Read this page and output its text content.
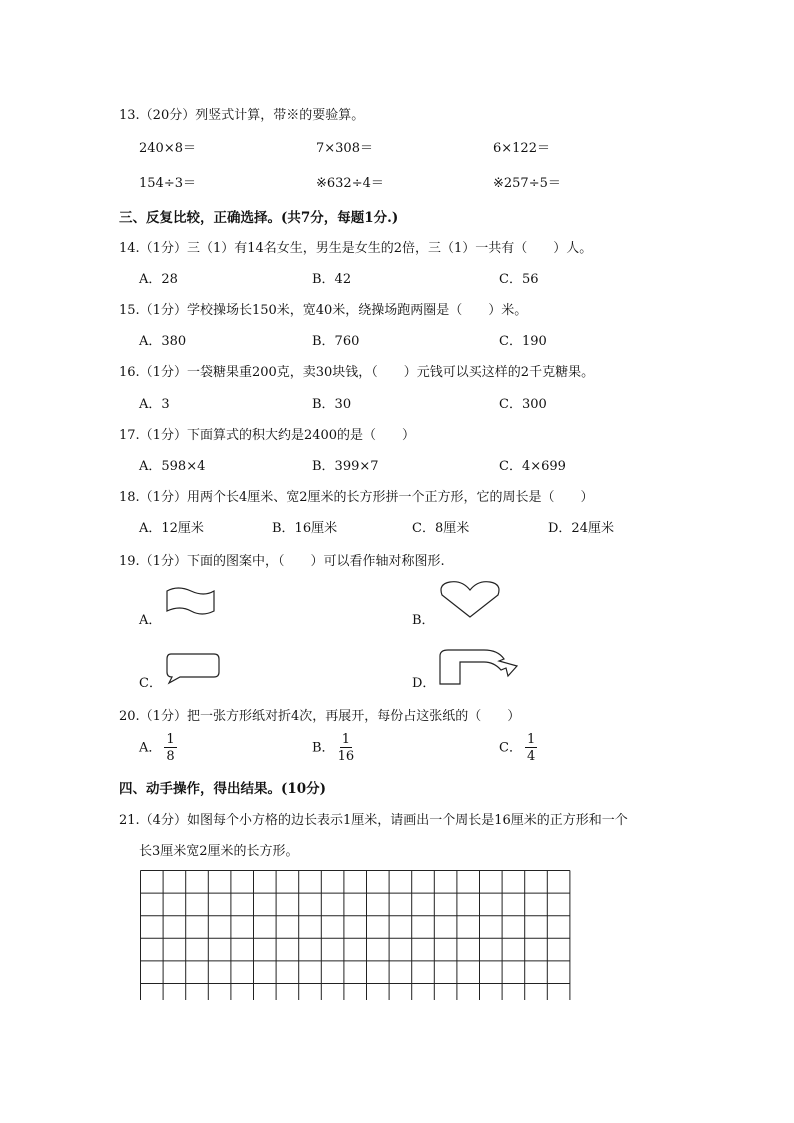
13.（20分）列竖式计算，带※的要验算。
240×8＝	7×308＝	6×122＝
154÷3＝	※632÷4＝	※257÷5＝
三、反复比较，正确选择。(共7分，每题1分.)
14.（1分）三（1）有14名女生，男生是女生的2倍，三（1）一共有（　　）人。
A．28	B．42	C．56
15.（1分）学校操场长150米，宽40米，绕操场跑两圈是（　　）米。
A．380	B．760	C．190
16.（1分）一袋糖果重200克，卖30块钱，（　　）元钱可以买这样的2千克糖果。
A．3	B．30	C．300
17.（1分）下面算式的积大约是2400的是（　　）
A．598×4	B．399×7	C．4×699
18.（1分）用两个长4厘米、宽2厘米的长方形拼一个正方形，它的周长是（　　）
A．12厘米	B．16厘米	C．8厘米	D．24厘米
19.（1分）下面的图案中，（　　）可以看作轴对称图形.
A．	B．
C．	D．
20.（1分）把一张方形纸对折4次，再展开，每份占这张纸的（　　）
A． $\frac{1}{8}$	B． $\frac{1}{16}$	C． $\frac{1}{4}$
四、动手操作，得出结果。(10分)
21.（4分）如图每个小方格的边长表示1厘米，请画出一个周长是16厘米的正方形和一个
长3厘米宽2厘米的长方形。
